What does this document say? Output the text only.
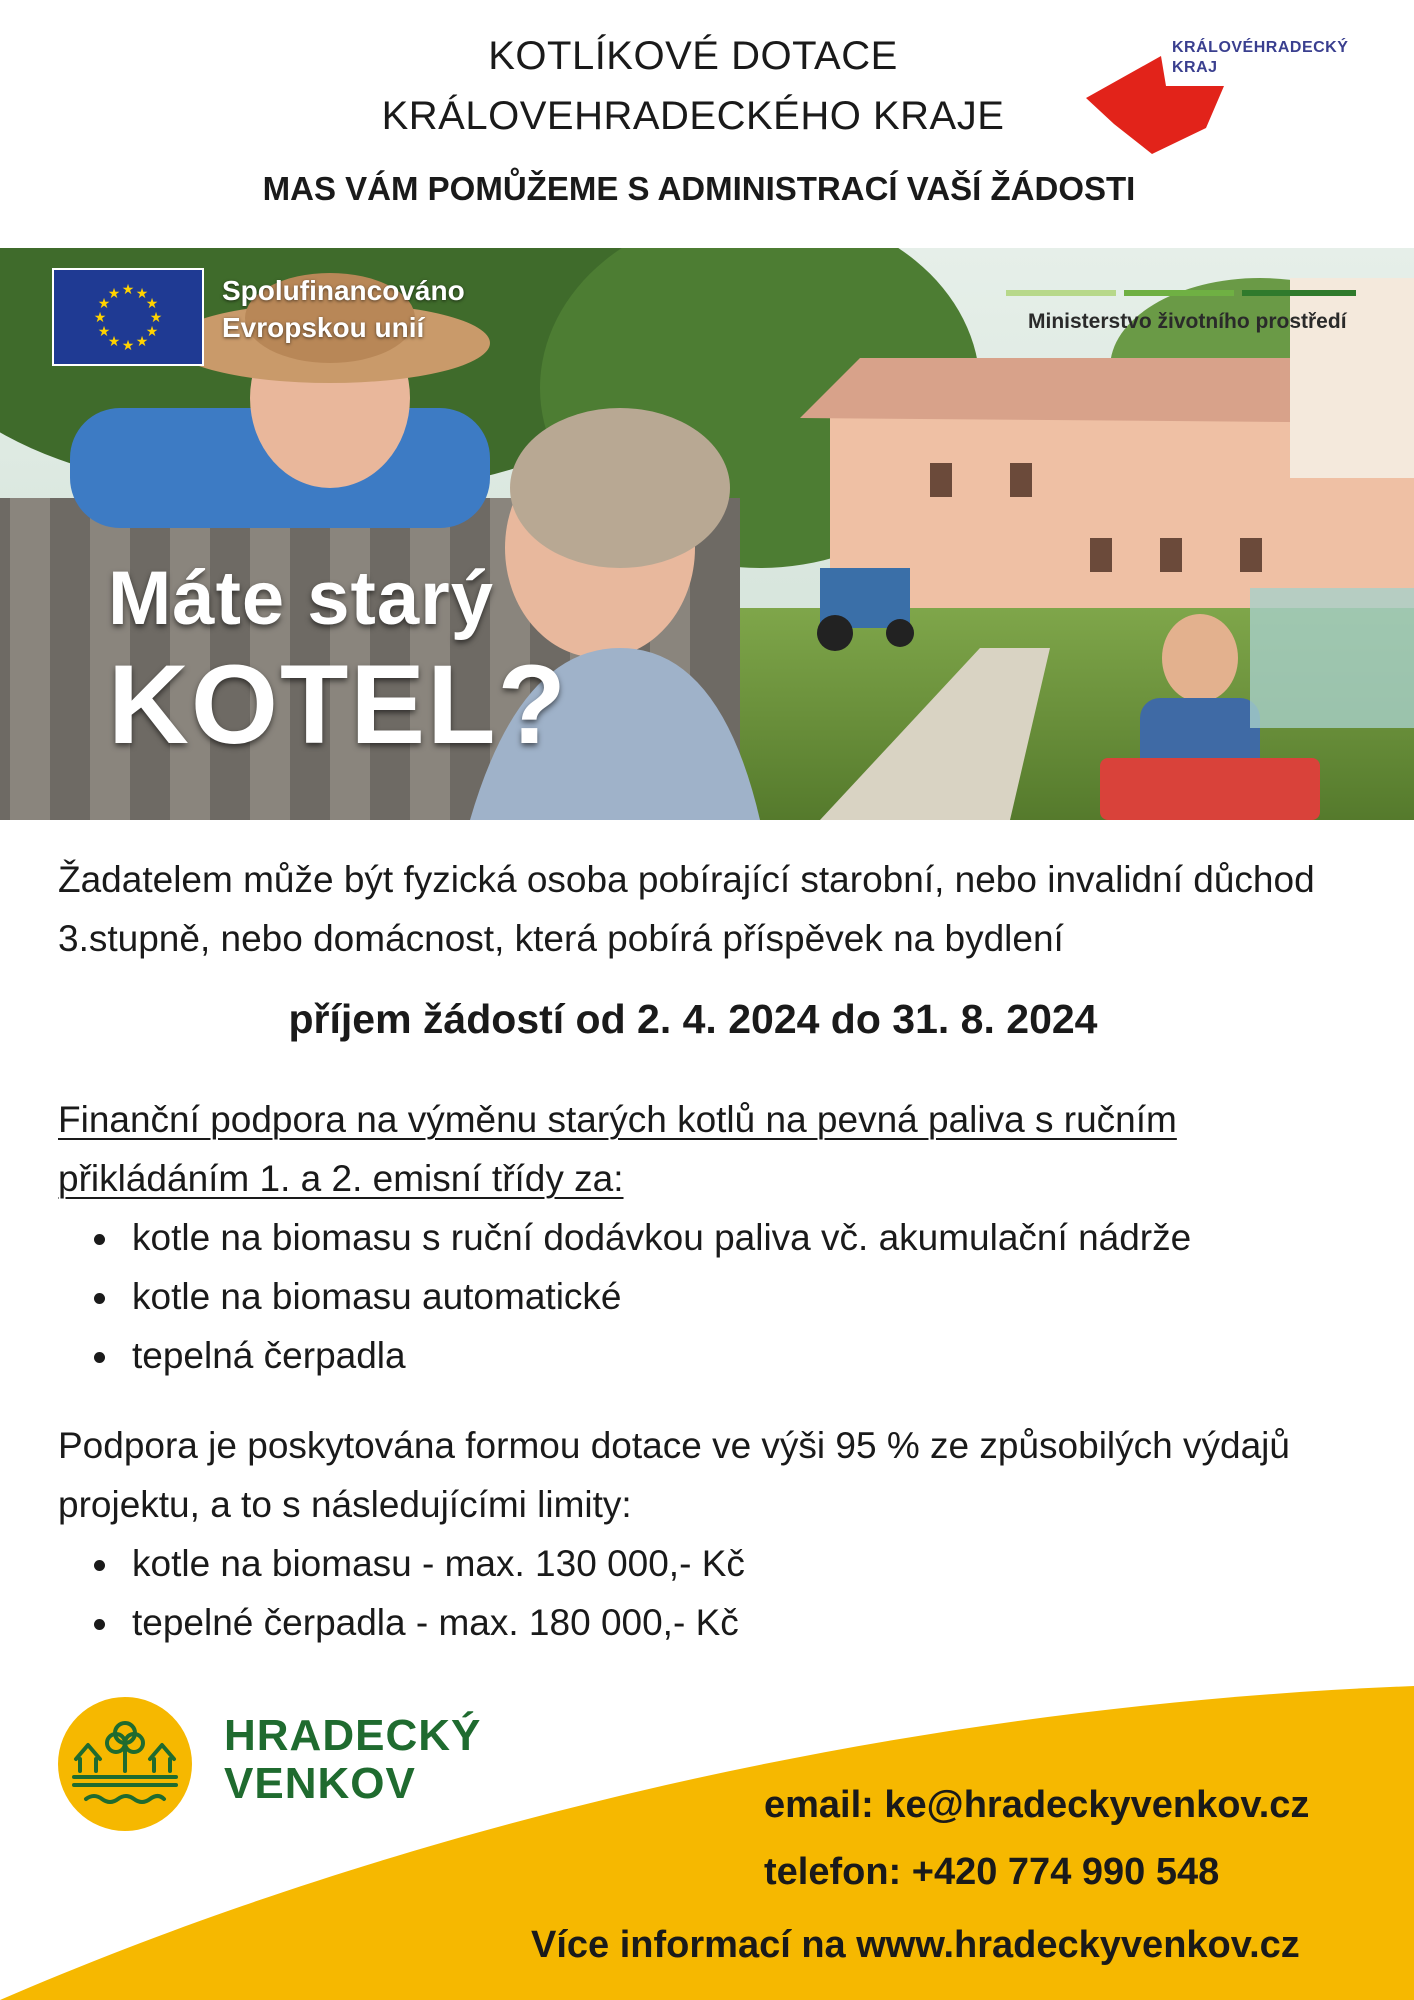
KOTLÍKOVÉ DOTACE
KRÁLOVEHRADECKÉHO KRAJE
MAS VÁM POMŮŽEME S ADMINISTRACÍ VAŠÍ ŽÁDOSTI
KRÁLOVÉHRADECKÝ
KRAJ
★ ★
★
★
★
★
★
★
★
★
★
★	Spolufinancováno
Evropskou unií	Ministerstvo životního prostředí
Máte starý
KOTEL?
Žadatelem může být fyzická osoba pobírající starobní, nebo invalidní důchod 3.stupně, nebo domácnost, která pobírá příspěvek na bydlení
příjem žádostí od 2. 4. 2024 do 31. 8. 2024
Finanční podpora na výměnu starých kotlů na pevná paliva s ručním přikládáním 1. a 2. emisní třídy za:
kotle na biomasu s ruční dodávkou paliva vč. akumulační nádrže
kotle na biomasu automatické
tepelná čerpadla
Podpora je poskytována formou dotace ve výši 95 % ze způsobilých výdajů projektu, a to s následujícími limity:
kotle na biomasu - max. 130 000,- Kč
tepelné čerpadla - max. 180 000,- Kč
HRADECKÝ
VENKOV	email: ke@hradeckyvenkov.cz
telefon: +420 774 990 548
Více informací na www.hradeckyvenkov.cz
